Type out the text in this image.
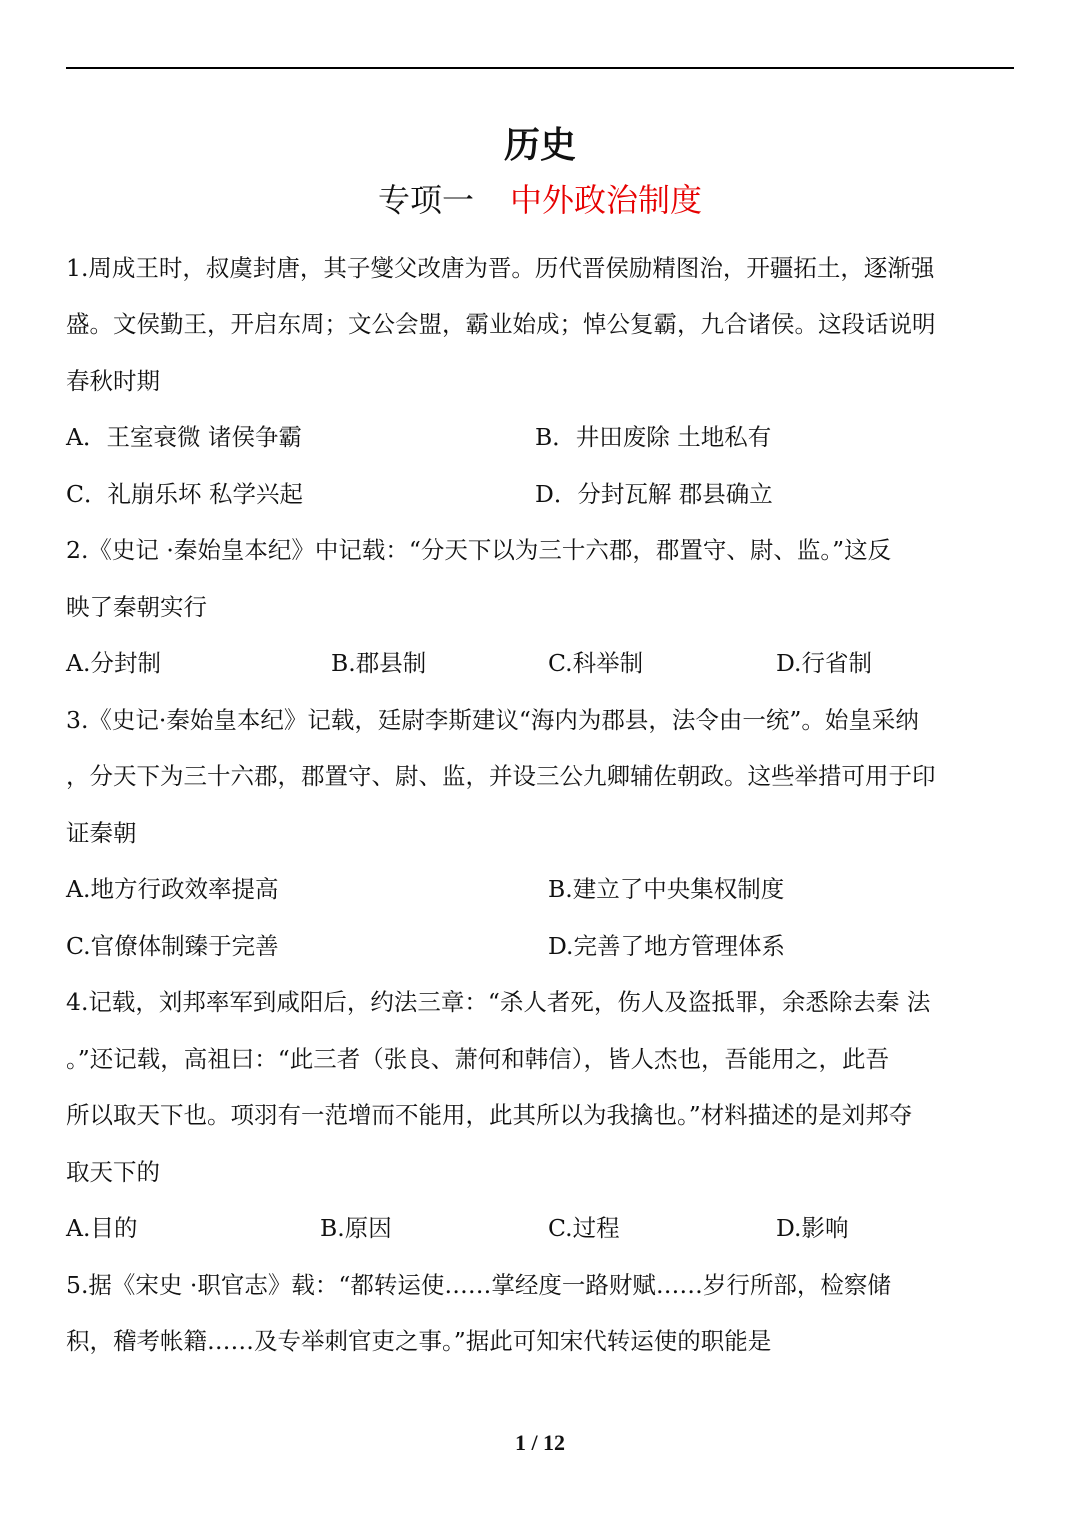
历史
专项一 中外政治制度
1.周成王时，叔虞封唐，其子燮父改唐为晋。历代晋侯励精图治，开疆拓土，逐渐强
盛。文侯勤王，开启东周；文公会盟，霸业始成；悼公复霸，九合诸侯。这段话说明
春秋时期
A．王室衰微 诸侯争霸	B．井田废除 土地私有
C．礼崩乐坏 私学兴起	D．分封瓦解 郡县确立
2.《史记 ·秦始皇本纪》中记载：“分天下以为三十六郡，郡置守、尉、监。”这反
映了秦朝实行
A.分封制	B.郡县制	C.科举制	D.行省制
3.《史记·秦始皇本纪》记载，廷尉李斯建议“海内为郡县，法令由一统”。始皇采纳
，分天下为三十六郡，郡置守、尉、监，并设三公九卿辅佐朝政。这些举措可用于印
证秦朝
A.地方行政效率提高	B.建立了中央集权制度
C.官僚体制臻于完善	D.完善了地方管理体系
4.记载，刘邦率军到咸阳后，约法三章：“杀人者死，伤人及盗抵罪，余悉除去秦 法
。”还记载，高祖曰：“此三者（张良、萧何和韩信），皆人杰也，吾能用之，此吾
所以取天下也。项羽有一范增而不能用，此其所以为我擒也。”材料描述的是刘邦夺
取天下的
A.目的	B.原因	C.过程	D.影响
5.据《宋史 ·职官志》载：“都转运使……掌经度一路财赋……岁行所部，检察储
积，稽考帐籍……及专举刺官吏之事。”据此可知宋代转运使的职能是
1 / 12
